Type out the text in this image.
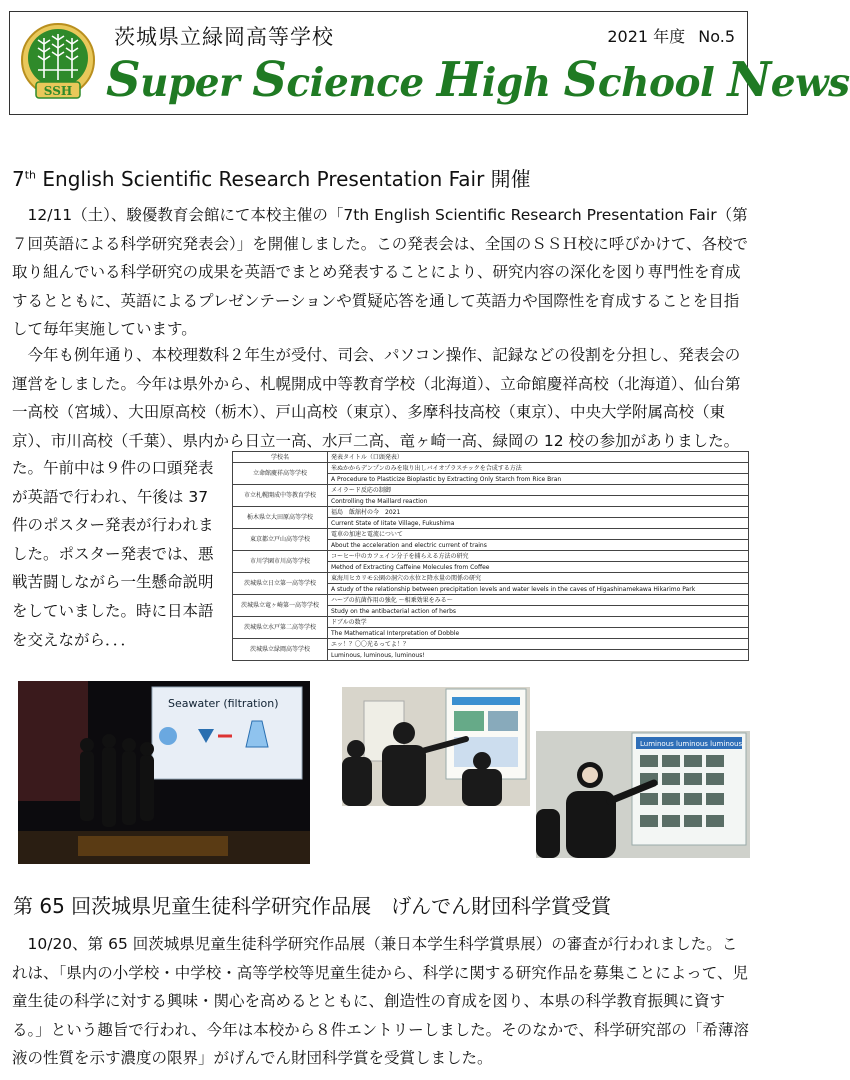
SSH
茨城県立緑岡高等学校	2021 年度 No.5
Super Science High School News
7th English Scientific Research Presentation Fair 開催

12/11（土）、駿優教育会館にて本校主催の「7th English Scientific Research Presentation Fair（第７回英語による科学研究発表会）」を開催しました。この発表会は、全国のＳＳＨ校に呼びかけて、各校で取り組んでいる科学研究の成果を英語でまとめ発表することにより、研究内容の深化を図り専門性を育成するとともに、英語によるプレゼンテーションや質疑応答を通して英語力や国際性を育成することを目指して毎年実施しています。

今年も例年通り、本校理数科２年生が受付、司会、パソコン操作、記録などの役割を分担し、発表会の運営をしました。今年は県外から、札幌開成中等教育学校（北海道）、立命館慶祥高校（北海道）、仙台第一高校（宮城）、大田原高校（栃木）、戸山高校（東京）、多摩科技高校（東京）、中央大学附属高校（東京）、市川高校（千葉）、県内から日立一高、水戸二高、竜ヶ崎一高、緑岡の 12 校の参加がありました。

た。午前中は９件の口頭発表が英語で行われ、午後は 37 件のポスター発表が行われました。ポスター発表では、悪戦苦闘しながら一生懸命説明をしていました。時に日本語を交えながら．．．
学校名	発表タイトル（口頭発表）
立命館慶祥高等学校	米ぬかからデンプンのみを取り出しバイオプラスチックを合成する方法
	A Procedure to Plasticize Bioplastic by Extracting Only Starch from Rice Bran
市立札幌開成中等教育学校	メイラード反応の制御
	Controlling the Maillard reaction
栃木県立大田原高等学校	福島　飯舘村の今　2021
	Current State of Iitate Village, Fukushima
東京都立戸山高等学校	電車の加速と電流について
	About the acceleration and electric current of trains
市川学園市川高等学校	コーヒー中のカフェイン分子を捕らえる方法の研究
	Method of Extracting Caffeine Molecules from Coffee
茨城県立日立第一高等学校	東海川ヒカリモ公園の洞穴の水位と降水量の関係の研究
	A study of the relationship between precipitation levels and water levels in the caves of Higashinamekawa Hikarimo Park
茨城県立竜ヶ崎第一高等学校	ハーブの抗菌作用の強化 ～相乗効果をみる～
	Study on the antibacterial action of herbs
茨城県立水戸第二高等学校	ドブルの数学
	The Mathematical Interpretation of Dobble
茨城県立緑岡高等学校	エッ！？〇〇光るってよ！？
	Luminous, luminous, luminous!
Seawater (filtration)
Luminous luminous luminous
第 65 回茨城県児童生徒科学研究作品展　げんでん財団科学賞受賞

10/20、第 65 回茨城県児童生徒科学研究作品展（兼日本学生科学賞県展）の審査が行われました。これは、「県内の小学校・中学校・高等学校等児童生徒から、科学に関する研究作品を募集ことによって、児童生徒の科学に対する興味・関心を高めるとともに、創造性の育成を図り、本県の科学教育振興に資する。」という趣旨で行われ、今年は本校から８件エントリーしました。そのなかで、科学研究部の「希薄溶液の性質を示す濃度の限界」がげんでん財団科学賞を受賞しました。
